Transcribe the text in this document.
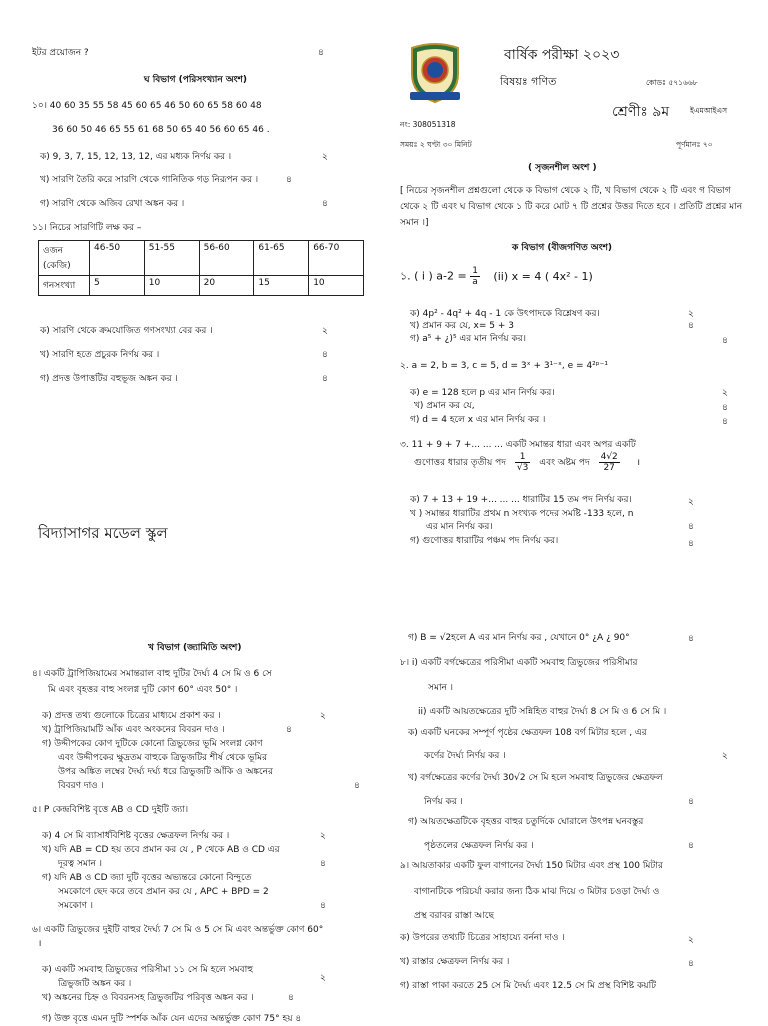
ইটর প্রয়োজন ?	৪
ঘ বিভাগ (পরিসংখ্যান অংশ)
১০। 40 60 35 55 58 45 60 65 46 50 60 65 58 60 48
36 60 50 46 65 55 61 68 50 65 40 56 60 65 46 .
ক) 9, 3, 7, 15, 12, 13, 12, এর মধ্যক নির্ণয় কর ।	২
খ) সারণি তৈরি করে সারণি থেকে গানিতিক গড় নিরূপন কর ।	৪
গ) সারণি থেকে অজিব রেখা অঙ্কন কর ।	৪
১১। নিচের সারণিটি লক্ষ কর –
ওজন (কেজি)	46-50	51-55	56-60	61-65	66-70
গনসংখ্যা	5	10	20	15	10
ক) সারণি থেকে ক্রমযোজিত গণসংখ্যা বের কর ।	২
খ) সারণি হতে প্রচুরক নির্ণয় কর ।	৪
গ) প্রদত্ত উপাত্তটির বহুভূজ অঙ্কন কর ।	৪
বার্ষিক পরীক্ষা ২০২৩
বিষয়ঃ গণিত	কোডঃ ৫৭১৬৬৮
শ্রেণীঃ ৯ম	ইএমআইএস
নং: 308051318
সময়ঃ ২ ঘণ্টা ৩০ মিনিট	পূর্ণমানঃ ৭০
( সৃজনশীল অংশ )
[ নিচের সৃজনশীল প্রশ্নগুলো থেকে ক বিভাগ থেকে ২ টি, খ বিভাগ থেকে ২ টি এবং গ বিভাগ থেকে ২ টি এবং ঘ বিভাগ থেকে ১ টি করে মোট ৭ টি প্রশ্নের উত্তর দিতে হবে । প্রতিটি প্রশ্নের মান সমান ।]
ক বিভাগ (বীজগণিত অংশ)
১. ( i ) $a-2 = \frac{1}{a} (ii) x = 4$ ( 4x² - 1)
ক) 4p² - 4q² + 4q - 1 কে উৎপাদকে বিশ্লেষণ কর।	২
খ) প্রমান কর যে, x= 5 + 3	৪
গ) a⁵ + ¿)⁵ এর মান নির্ণয় কর।	৪
২. a = 2, b = 3, c = 5, d = 3ˣ + 3¹⁻ˣ, e = 4²ᵖ⁻¹
ক) e = 128 হলে p এর মান নির্ণয় কর।	২
খ) প্রমান কর যে,	৪
গ) d = 4 হলে x এর মান নির্ণয় কর ।	৪
৩. 11 + 9 + 7 +... ... ... একটি সমান্তর ধারা এবং অপর একটি
গুণোত্তর ধারার তৃতীয় পদ $\frac{1}{√3}$ এবং অষ্টম পদ $\frac{4√2}{27}$ ।
ক) 7 + 13 + 19 +... ... ... ধারাটির 15 তম পদ নির্ণয় কর।	২
খ ) সমান্তর ধারাটির প্রথম n সংখ্যক পদের সমষ্টি -133 হলে, n
এর মান নির্ণয় কর।	৪
গ) গুণোত্তর ধারাটির পঞ্চম পদ নির্ণয় কর।	৪
বিদ্যাসাগর মডেল স্কুল
খ বিভাগ (জ্যামিতি অংশ)
৪। একটি ট্রাপিজিয়ামের সমান্তরাল বাহু দুটির দৈর্ঘ্য 4 সে মি ও 6 সে
মি এবং বৃহত্তর বাহু সংলগ্ন দুটি কোণ 60° এবং 50° ।
ক) প্রদত্ত তথ্য গুলোকে চিত্রের মাধ্যমে প্রকাশ কর ।	২
খ) ট্রাপিজিয়ামটি আঁক এবং অংকনের বিবরন দাও ।	৪
গ) উদ্দীপকের কোণ দুটিকে কোনো ত্রিভুজের ভূমি সংলগ্ন কোণ
এবং উদ্দীপকের ক্ষুদ্রতম বাহুকে ত্রিভুজটির শীর্ষ থেকে ভূমির
উপর অঙ্কিত লম্বের দৈর্ঘ্য দর্ঘ্য ধরে ত্রিভুজটি আঁকি ও অঙ্কনের
বিবরণ দাও ।	৪
৫। P কেন্দ্রবিশিষ্ট বৃত্তে AB ও CD দুইটি জ্যা।
ক) 4 সে মি ব্যাসার্ধবিশিষ্ট বৃত্তের ক্ষেত্রফল নির্ণয় কর ।	২
খ) যদি AB = CD হয় তবে প্রমান কর যে , P থেকে AB ও CD এর
দূরত্ব সমান ।	৪
গ) যদি AB ও CD জ্যা দুটি বৃত্তের অভ্যন্তরে কোনো বিন্দুতে
সমকোণে ছেদ করে তবে প্রমান কর যে , APC + BPD = 2
সমকোণ ।	৪
৬। একটি ত্রিভুজের দুইটি বাহুর দৈর্ঘ্য 7 সে মি ও 5 সে মি এবং অন্তর্ভুক্ত কোণ 60°
।
ক) একটি সমবাহু ত্রিভুজের পরিসীমা ১১ সে মি হলে সমবাহু
ত্রিভুজটি অঙ্কন কর ।
২
খ) অঙ্কনের চিহ্ন ও বিবরনসহ ত্রিভুজটির পরিবৃত্ত অঙ্কন কর ।	৪
গ) উক্ত বৃত্তে এমন দুটি স্পর্শক আঁক যেন এদের অন্তর্ভুক্ত কোণ 75° হয় ৪
গ) B = √2হলে A এর মান নির্ণয় কর , যেখানে 0° ¿A ¿ 90°	৪
৮। i) একটি বর্গক্ষেত্রের পরিসীমা একটি সমবাহু ত্রিভুজের পরিসীমার
সমান ।
ii) একটি আয়তক্ষেত্রের দুটি সন্নিহিত বাহুর দৈর্ঘ্য 8 সে মি ও 6 সে মি ।
ক) একটি ঘনকের সম্পূর্ণ পৃষ্ঠের ক্ষেত্রফল 108 বর্গ মিটার হলে , এর
কর্ণের দৈর্ঘ্য নির্ণয় কর ।	২
খ) বর্গক্ষেত্রের কর্ণের দৈর্ঘ্য 30√2 সে মি হলে সমবাহু ত্রিভুজের ক্ষেত্রফল
নির্ণয় কর ।	৪
গ) আয়তক্ষেত্রটিকে বৃহত্তর বাহুর চতুর্দিকে ঘোরালে উৎপন্ন ঘনবস্তুর
পৃষ্ঠতলের ক্ষেত্রফল নির্ণয় কর ।	৪
৯। আয়তাকার একটি ফুল বাগানের দৈর্ঘ্য 150 মিটার এবং প্রস্থ 100 মিটার
বাগানটিকে পরিচর্যা করার জন্য ঠিক মাঝ দিয়ে ৩ মিটার চওড়া দৈর্ঘ্য ও
প্রস্থ বরাবর রাস্তা আছে
ক) উপরের তথ্যটি চিত্রের সাহায্যে বর্ননা দাও ।	২
খ) রাস্তার ক্ষেত্রফল নির্ণয় কর ।	৪
গ) রাস্তা পাকা করতে 25 সে মি দৈর্ঘ্য এবং 12.5 সে মি প্রস্থ বিশিষ্ট কয়টি
